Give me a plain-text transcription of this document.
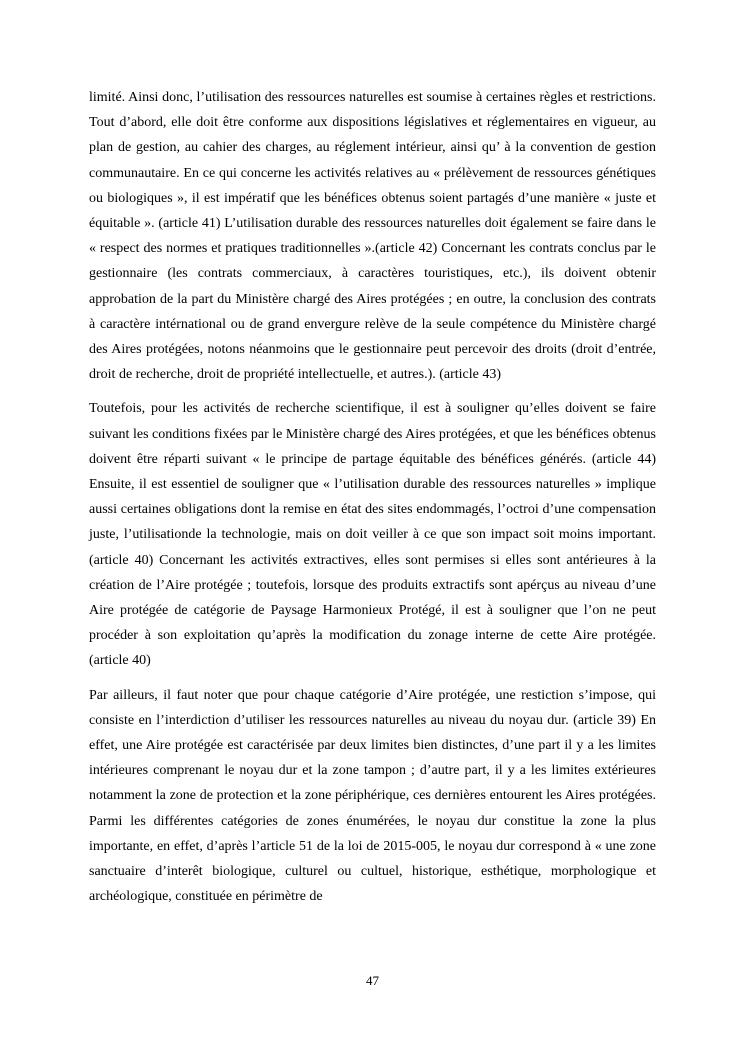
limité. Ainsi donc, l’utilisation des ressources naturelles est soumise à certaines règles et restrictions. Tout d’abord, elle doit être conforme aux dispositions législatives et réglementaires en vigueur, au plan de gestion, au cahier des charges, au réglement intérieur, ainsi qu’ à la convention de gestion communautaire. En ce qui concerne les activités relatives au « prélèvement de ressources génétiques ou biologiques », il est impératif que les bénéfices obtenus soient partagés d’une manière « juste et équitable ». (article 41) L’utilisation durable des ressources naturelles doit également se faire dans le « respect des normes et pratiques traditionnelles ».(article 42) Concernant les contrats conclus par le gestionnaire (les contrats commerciaux, à caractères touristiques, etc.), ils doivent obtenir approbation de la part du Ministère chargé des Aires protégées ; en outre, la conclusion des contrats à caractère intérnational ou de grand envergure relève de la seule compétence du Ministère chargé des Aires protégées, notons néanmoins que le gestionnaire peut percevoir des droits (droit d’entrée, droit de recherche, droit de propriété intellectuelle, et autres.). (article 43)

Toutefois, pour les activités de recherche scientifique, il est à souligner qu’elles doivent se faire suivant les conditions fixées par le Ministère chargé des Aires protégées, et que les bénéfices obtenus doivent être réparti suivant « le principe de partage équitable des bénéfices générés. (article 44) Ensuite, il est essentiel de souligner que « l’utilisation durable des ressources naturelles » implique aussi certaines obligations dont la remise en état des sites endommagés, l’octroi d’une compensation juste, l’utilisationde la technologie, mais on doit veiller à ce que son impact soit moins important.(article 40) Concernant les activités extractives, elles sont permises si elles sont antérieures à la création de l’Aire protégée ; toutefois, lorsque des produits extractifs sont apérçus au niveau d’une Aire protégée de catégorie de Paysage Harmonieux Protégé, il est à souligner que l’on ne peut procéder à son exploitation qu’après la modification du zonage interne de cette Aire protégée. (article 40)

Par ailleurs, il faut noter que pour chaque catégorie d’Aire protégée, une restiction s’impose, qui consiste en l’interdiction d’utiliser les ressources naturelles au niveau du noyau dur. (article 39) En effet, une Aire protégée est caractérisée par deux limites bien distinctes, d’une part il y a les limites intérieures comprenant le noyau dur et la zone tampon ; d’autre part, il y a les limites extérieures notamment la zone de protection et la zone périphérique, ces dernières entourent les Aires protégées. Parmi les différentes catégories de zones énumérées, le noyau dur constitue la zone la plus importante, en effet, d’après l’article 51 de la loi de 2015-005, le noyau dur correspond à « une zone sanctuaire d’interêt biologique, culturel ou cultuel, historique, esthétique, morphologique et archéologique, constituée en périmètre de

47
